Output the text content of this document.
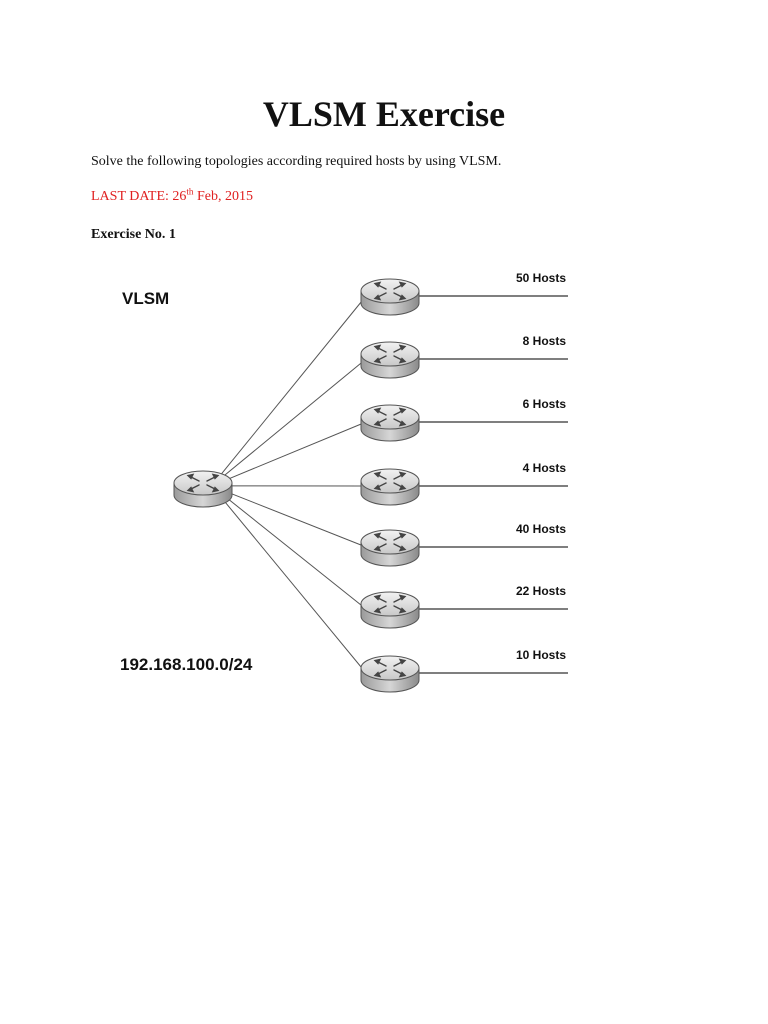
VLSM Exercise

Solve the following topologies according required hosts by using VLSM.

LAST DATE: 26th Feb, 2015

Exercise No. 1

VLSM
192.168.100.0/24
50 Hosts
8 Hosts
6 Hosts
4 Hosts
40 Hosts
22 Hosts
10 Hosts
